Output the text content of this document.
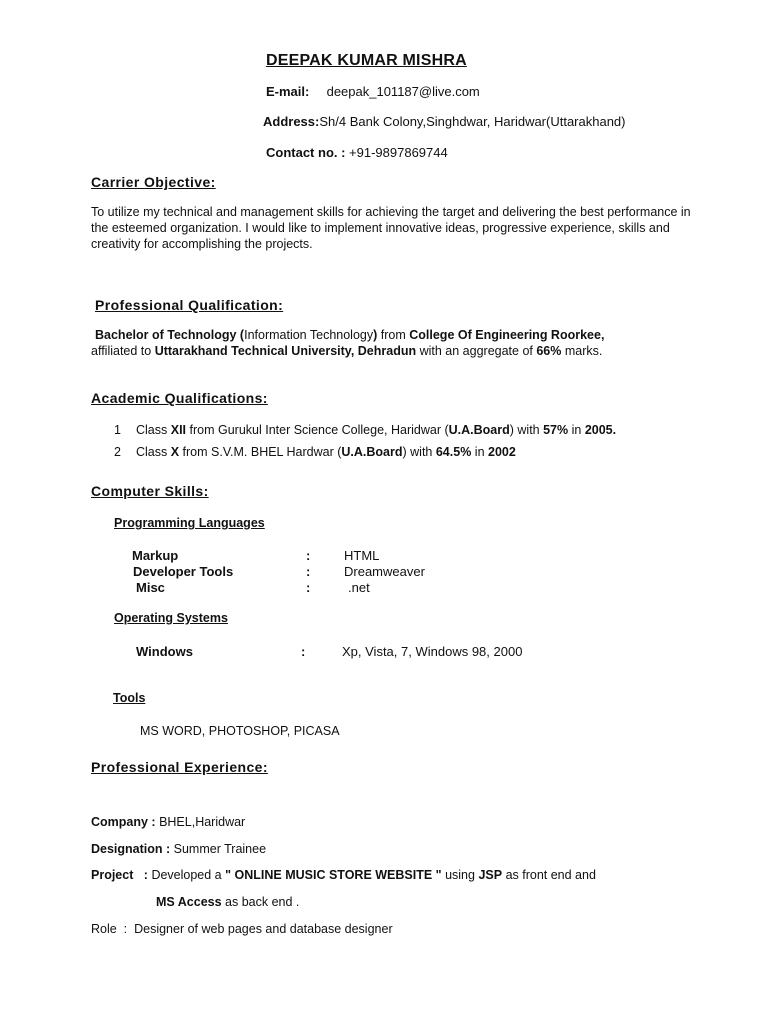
DEEPAK KUMAR MISHRA
E-mail: deepak_101187@live.com
Address:Sh/4 Bank Colony,Singhdwar, Haridwar(Uttarakhand)
Contact no. : +91-9897869744
Carrier Objective:
To utilize my technical and management skills for achieving the target and delivering the best performance in the esteemed organization. I would like to implement innovative ideas, progressive experience, skills and creativity for accomplishing the projects.
Professional Qualification:
Bachelor of Technology (Information Technology) from College Of Engineering Roorkee,
affiliated to Uttarakhand Technical University, Dehradun with an aggregate of 66% marks.
Academic Qualifications:
1 Class XII from Gurukul Inter Science College, Haridwar (U.A.Board) with 57% in 2005.
2 Class X from S.V.M. BHEL Hardwar (U.A.Board) with 64.5% in 2002
Computer Skills:
Programming Languages
Markup	:	HTML
Developer Tools	:	Dreamweaver
Misc	:	.net
Operating Systems
Windows	:	Xp, Vista, 7, Windows 98, 2000
Tools
MS WORD, PHOTOSHOP, PICASA
Professional Experience:
Company : BHEL,Haridwar
Designation : Summer Trainee
Project   : Developed a " ONLINE MUSIC STORE WEBSITE " using JSP as front end and
MS Access as back end .
Role  :  Designer of web pages and database designer
